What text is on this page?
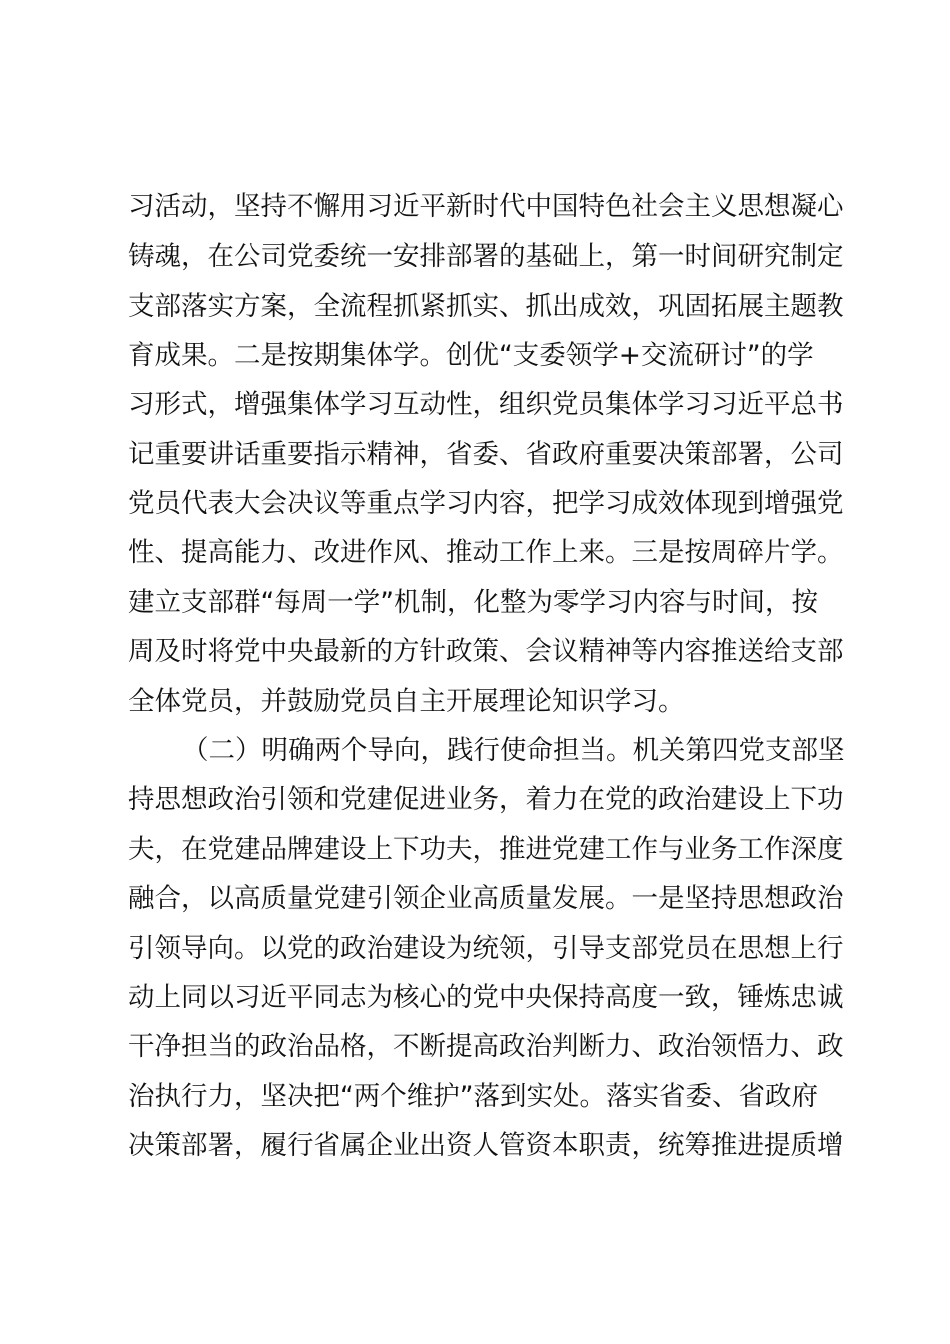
习活动，坚持不懈用习近平新时代中国特色社会主义思想凝心
铸魂，在公司党委统一安排部署的基础上，第一时间研究制定
支部落实方案，全流程抓紧抓实、抓出成效，巩固拓展主题教
育成果。二是按期集体学。创优“支委领学+交流研讨”的学
习形式，增强集体学习互动性，组织党员集体学习习近平总书
记重要讲话重要指示精神，省委、省政府重要决策部署，公司
党员代表大会决议等重点学习内容，把学习成效体现到增强党
性、提高能力、改进作风、推动工作上来。三是按周碎片学。
建立支部群“每周一学”机制，化整为零学习内容与时间，按
周及时将党中央最新的方针政策、会议精神等内容推送给支部
全体党员，并鼓励党员自主开展理论知识学习。
（二）明确两个导向，践行使命担当。机关第四党支部坚
持思想政治引领和党建促进业务，着力在党的政治建设上下功
夫，在党建品牌建设上下功夫，推进党建工作与业务工作深度
融合，以高质量党建引领企业高质量发展。一是坚持思想政治
引领导向。以党的政治建设为统领，引导支部党员在思想上行
动上同以习近平同志为核心的党中央保持高度一致，锤炼忠诚
干净担当的政治品格，不断提高政治判断力、政治领悟力、政
治执行力，坚决把“两个维护”落到实处。落实省委、省政府
决策部署，履行省属企业出资人管资本职责，统筹推进提质增
